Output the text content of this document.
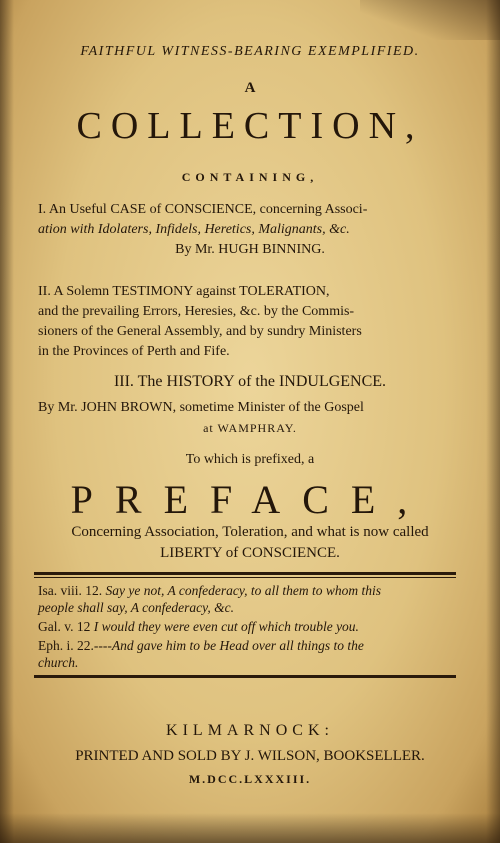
FAITHFUL WITNESS-BEARING EXEMPLIFIED.
A
COLLECTION,
CONTAINING,
I. An Useful CASE of CONSCIENCE, concerning Associ-
ation with Idolaters, Infidels, Heretics, Malignants, &c.
By Mr. HUGH BINNING.
II. A Solemn TESTIMONY against TOLERATION,
and the prevailing Errors, Heresies, &c. by the Commis-
sioners of the General Assembly, and by sundry Ministers
in the Provinces of Perth and Fife.
III. The HISTORY of the INDULGENCE.
By Mr. JOHN BROWN, sometime Minister of the Gospel
at WAMPHRAY.
To which is prefixed, a
PREFACE,
Concerning Association, Toleration, and what is now called
LIBERTY of CONSCIENCE.
Isa. viii. 12. Say ye not, A confederacy, to all them to whom this
people shall say, A confederacy, &c.
Gal. v. 12 I would they were even cut off which trouble you.
Eph. i. 22.----And gave him to be Head over all things to the
church.
KILMARNOCK:
PRINTED AND SOLD BY J. WILSON, BOOKSELLER.
M.DCC.LXXXIII.
